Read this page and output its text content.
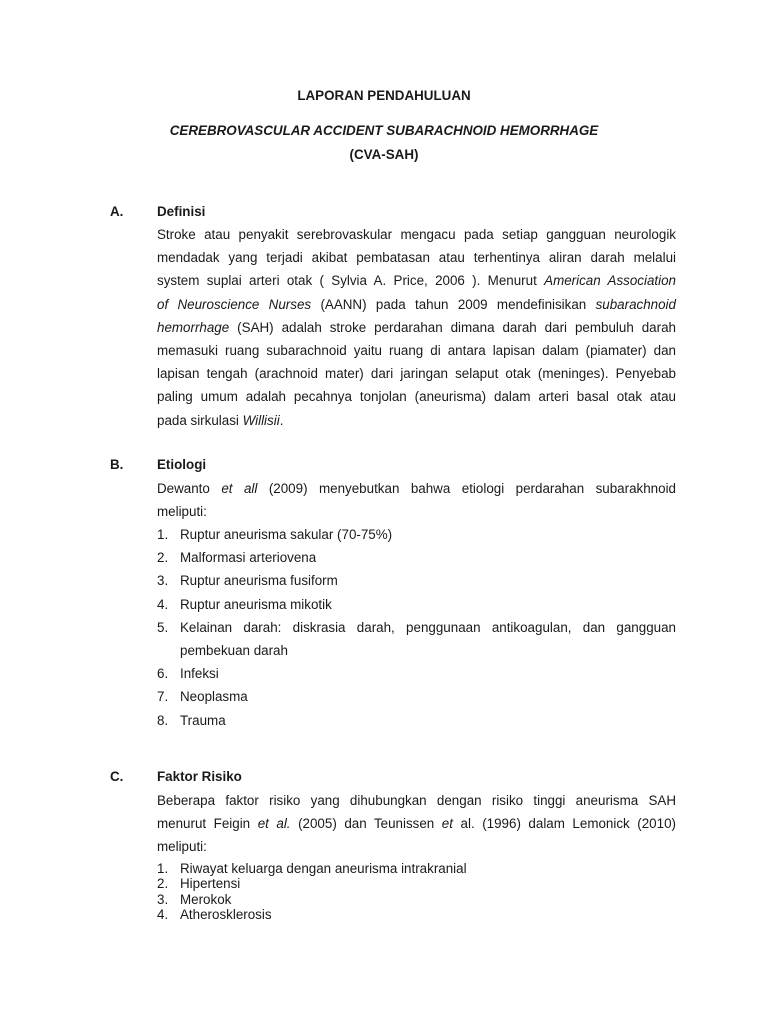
LAPORAN PENDAHULUAN
CEREBROVASCULAR ACCIDENT SUBARACHNOID HEMORRHAGE
(CVA-SAH)
A.	Definisi
Stroke atau penyakit serebrovaskular mengacu pada setiap gangguan neurologik
mendadak yang terjadi akibat pembatasan atau terhentinya aliran darah melalui
system suplai arteri otak ( Sylvia A. Price, 2006 ). Menurut American Association
of Neuroscience Nurses (AANN) pada tahun 2009 mendefinisikan subarachnoid
hemorrhage (SAH) adalah stroke perdarahan dimana darah dari pembuluh darah
memasuki ruang subarachnoid yaitu ruang di antara lapisan dalam (piamater) dan
lapisan tengah (arachnoid mater) dari jaringan selaput otak (meninges). Penyebab
paling umum adalah pecahnya tonjolan (aneurisma) dalam arteri basal otak atau
pada sirkulasi Willisii.
B.	Etiologi
Dewanto et all (2009) menyebutkan bahwa etiologi perdarahan subarakhnoid
meliputi:
1. Ruptur aneurisma sakular (70-75%)
2. Malformasi arteriovena
3. Ruptur aneurisma fusiform
4. Ruptur aneurisma mikotik
5. Kelainan darah: diskrasia darah, penggunaan antikoagulan, dan gangguan
pembekuan darah
6. Infeksi
7. Neoplasma
8. Trauma
C.	Faktor Risiko
Beberapa faktor risiko yang dihubungkan dengan risiko tinggi aneurisma SAH
menurut Feigin et al. (2005) dan Teunissen et al. (1996) dalam Lemonick (2010)
meliputi:
1. Riwayat keluarga dengan aneurisma intrakranial
2. Hipertensi
3. Merokok
4. Atherosklerosis
